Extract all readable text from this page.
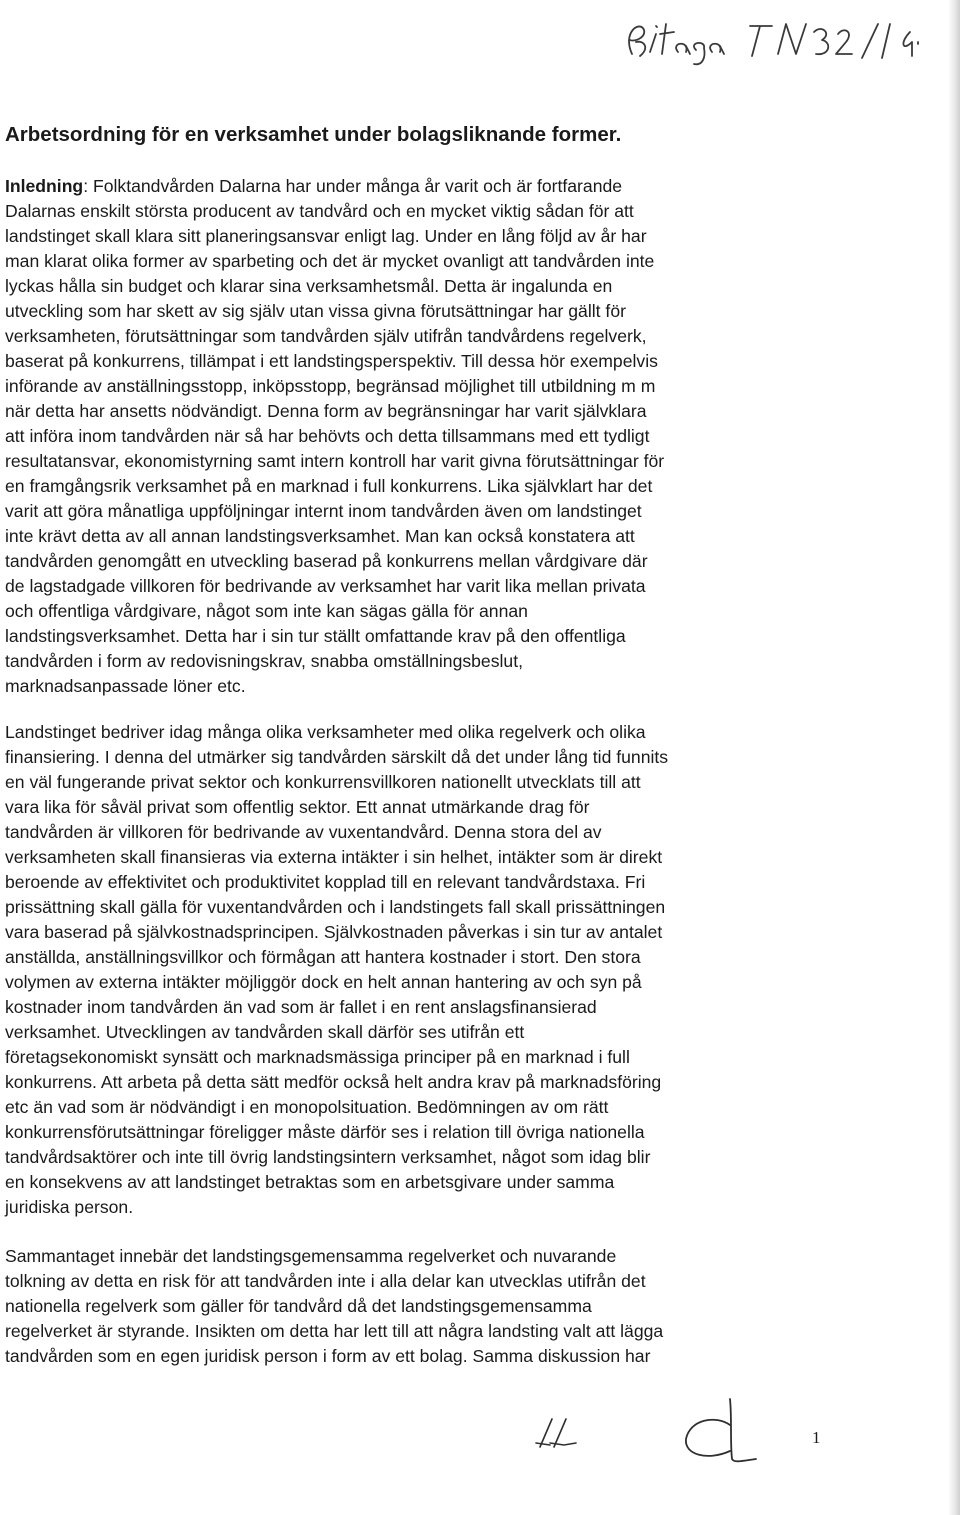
Bilaga TN 32/11 sid 1-(6)
Arbetsordning för en verksamhet under bolagsliknande former.
Inledning: Folktandvården Dalarna har under många år varit och är fortfarande
Dalarnas enskilt största producent av tandvård och en mycket viktig sådan för att
landstinget skall klara sitt planeringsansvar enligt lag. Under en lång följd av år har
man klarat olika former av sparbeting och det är mycket ovanligt att tandvården inte
lyckas hålla sin budget och klarar sina verksamhetsmål. Detta är ingalunda en
utveckling som har skett av sig själv utan vissa givna förutsättningar har gällt för
verksamheten, förutsättningar som tandvården själv utifrån tandvårdens regelverk,
baserat på konkurrens, tillämpat i ett landstingsperspektiv. Till dessa hör exempelvis
införande av anställningsstopp, inköpsstopp, begränsad möjlighet till utbildning m m
när detta har ansetts nödvändigt. Denna form av begränsningar har varit självklara
att införa inom tandvården när så har behövts och detta tillsammans med ett tydligt
resultatansvar, ekonomistyrning samt intern kontroll har varit givna förutsättningar för
en framgångsrik verksamhet på en marknad i full konkurrens. Lika självklart har det
varit att göra månatliga uppföljningar internt inom tandvården även om landstinget
inte krävt detta av all annan landstingsverksamhet. Man kan också konstatera att
tandvården genomgått en utveckling baserad på konkurrens mellan vårdgivare där
de lagstadgade villkoren för bedrivande av verksamhet har varit lika mellan privata
och offentliga vårdgivare, något som inte kan sägas gälla för annan
landstingsverksamhet. Detta har i sin tur ställt omfattande krav på den offentliga
tandvården i form av redovisningskrav, snabba omställningsbeslut,
marknadsanpassade löner etc.
Landstinget bedriver idag många olika verksamheter med olika regelverk och olika
finansiering. I denna del utmärker sig tandvården särskilt då det under lång tid funnits
en väl fungerande privat sektor och konkurrensvillkoren nationellt utvecklats till att
vara lika för såväl privat som offentlig sektor. Ett annat utmärkande drag för
tandvården är villkoren för bedrivande av vuxentandvård. Denna stora del av
verksamheten skall finansieras via externa intäkter i sin helhet, intäkter som är direkt
beroende av effektivitet och produktivitet kopplad till en relevant tandvårdstaxa. Fri
prissättning skall gälla för vuxentandvården och i landstingets fall skall prissättningen
vara baserad på självkostnadsprincipen. Självkostnaden påverkas i sin tur av antalet
anställda, anställningsvillkor och förmågan att hantera kostnader i stort. Den stora
volymen av externa intäkter möjliggör dock en helt annan hantering av och syn på
kostnader inom tandvården än vad som är fallet i en rent anslagsfinansierad
verksamhet. Utvecklingen av tandvården skall därför ses utifrån ett
företagsekonomiskt synsätt och marknadsmässiga principer på en marknad i full
konkurrens. Att arbeta på detta sätt medför också helt andra krav på marknadsföring
etc än vad som är nödvändigt i en monopolsituation. Bedömningen av om rätt
konkurrensförutsättningar föreligger måste därför ses i relation till övriga nationella
tandvårdsaktörer och inte till övrig landstingsintern verksamhet, något som idag blir
en konsekvens av att landstinget betraktas som en arbetsgivare under samma
juridiska person.
Sammantaget innebär det landstingsgemensamma regelverket och nuvarande
tolkning av detta en risk för att tandvården inte i alla delar kan utvecklas utifrån det
nationella regelverk som gäller för tandvård då det landstingsgemensamma
regelverket är styrande. Insikten om detta har lett till att några landsting valt att lägga
tandvården som en egen juridisk person i form av ett bolag. Samma diskussion har
1
